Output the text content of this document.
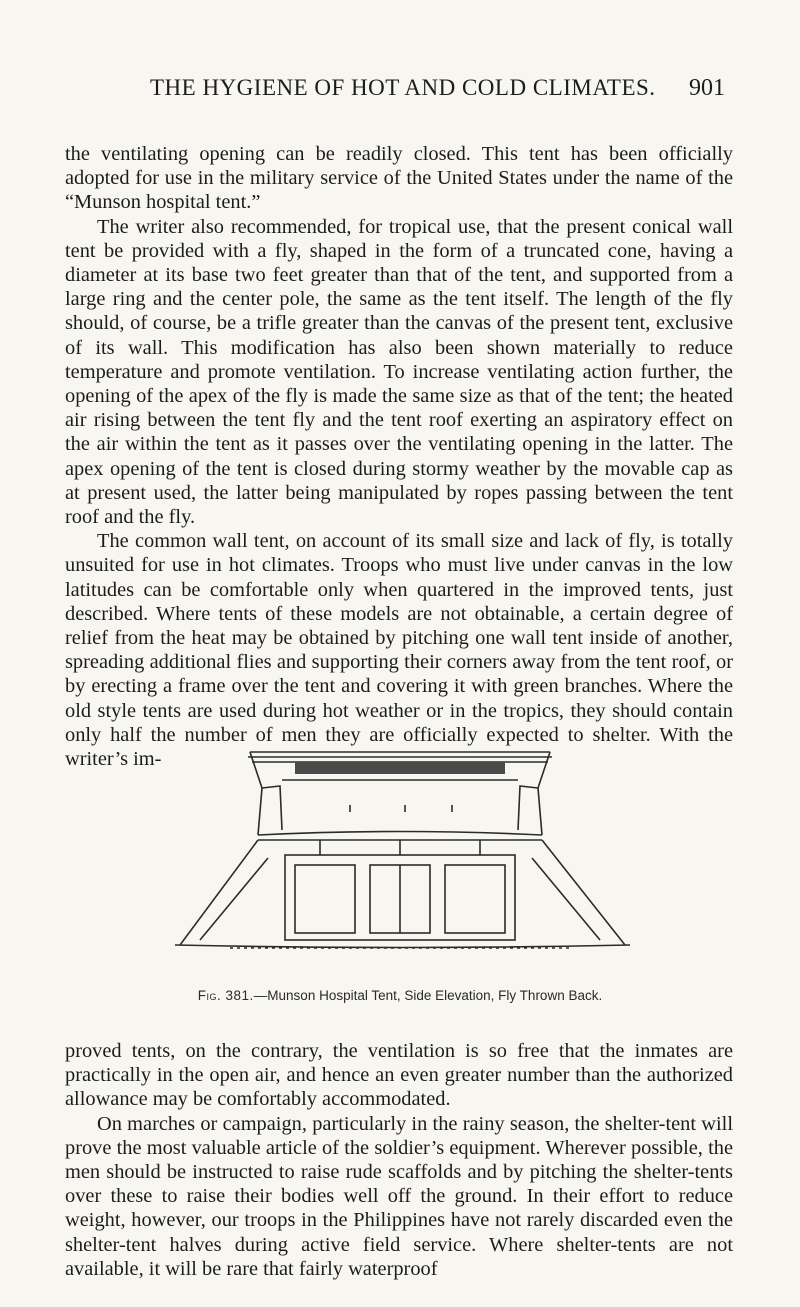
THE HYGIENE OF HOT AND COLD CLIMATES. 901

the ventilating opening can be readily closed. This tent has been officially adopted for use in the military service of the United States under the name of the “Munson hospital tent.”

The writer also recommended, for tropical use, that the present conical wall tent be provided with a fly, shaped in the form of a truncated cone, having a diameter at its base two feet greater than that of the tent, and supported from a large ring and the center pole, the same as the tent itself. The length of the fly should, of course, be a trifle greater than the canvas of the present tent, exclusive of its wall. This modification has also been shown materially to reduce temperature and promote ventilation. To increase ventilating action further, the opening of the apex of the fly is made the same size as that of the tent; the heated air rising between the tent fly and the tent roof exerting an aspiratory effect on the air within the tent as it passes over the ventilating opening in the latter. The apex opening of the tent is closed during stormy weather by the movable cap as at present used, the latter being manipulated by ropes passing between the tent roof and the fly.

The common wall tent, on account of its small size and lack of fly, is totally unsuited for use in hot climates. Troops who must live under canvas in the low latitudes can be comfortable only when quartered in the improved tents, just described. Where tents of these models are not obtainable, a certain degree of relief from the heat may be obtained by pitching one wall tent inside of another, spreading additional flies and supporting their corners away from the tent roof, or by erecting a frame over the tent and covering it with green branches. Where the old style tents are used during hot weather or in the tropics, they should contain only half the number of men they are officially expected to shelter. With the writer’s im-

Fig. 381.—Munson Hospital Tent, Side Elevation, Fly Thrown Back.

proved tents, on the contrary, the ventilation is so free that the inmates are practically in the open air, and hence an even greater number than the authorized allowance may be comfortably accommodated.

On marches or campaign, particularly in the rainy season, the shelter-tent will prove the most valuable article of the soldier’s equipment. Wherever possible, the men should be instructed to raise rude scaffolds and by pitching the shelter-tents over these to raise their bodies well off the ground. In their effort to reduce weight, however, our troops in the Philippines have not rarely discarded even the shelter-tent halves during active field service. Where shelter-tents are not available, it will be rare that fairly waterproof
